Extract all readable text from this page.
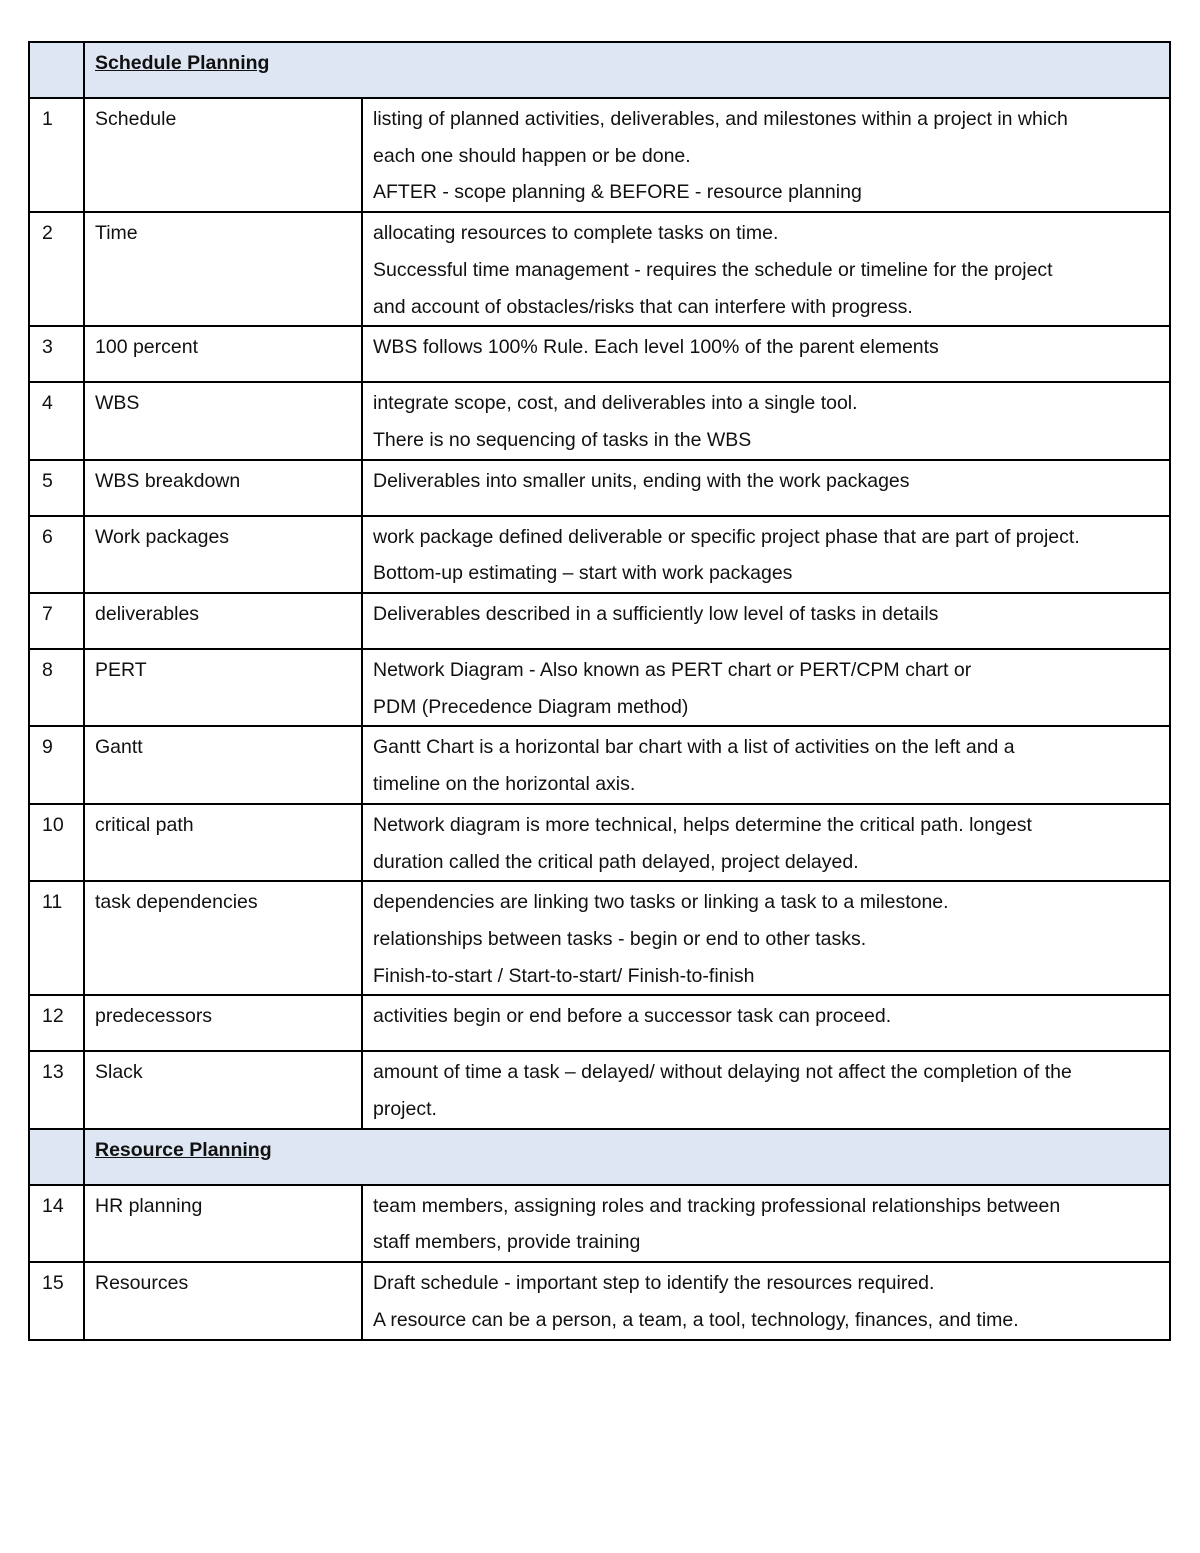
	Schedule Planning	
1	Schedule	listing of planned activities, deliverables, and milestones within a project in which
each one should happen or be done.
AFTER - scope planning & BEFORE - resource planning

2	Time	allocating resources to complete tasks on time.
Successful time management - requires the schedule or timeline for the project
and account of obstacles/risks that can interfere with progress.

3	100 percent	WBS follows 100% Rule. Each level 100% of the parent elements

4	WBS	integrate scope, cost, and deliverables into a single tool.
There is no sequencing of tasks in the WBS

5	WBS breakdown	Deliverables into smaller units, ending with the work packages

6	Work packages	work package defined deliverable or specific project phase that are part of project.
Bottom-up estimating – start with work packages

7	deliverables	Deliverables described in a sufficiently low level of tasks in details

8	PERT	Network Diagram - Also known as PERT chart or PERT/CPM chart or
PDM (Precedence Diagram method)

9	Gantt	Gantt Chart is a horizontal bar chart with a list of activities on the left and a
timeline on the horizontal axis.

10	critical path	Network diagram is more technical, helps determine the critical path. longest
duration called the critical path delayed, project delayed.

11	task dependencies	dependencies are linking two tasks or linking a task to a milestone.
relationships between tasks - begin or end to other tasks.
Finish-to-start / Start-to-start/ Finish-to-finish

12	predecessors	activities begin or end before a successor task can proceed.

13	Slack	amount of time a task – delayed/ without delaying not affect the completion of the
project.

	Resource Planning	
14	HR planning	team members, assigning roles and tracking professional relationships between
staff members, provide training

15	Resources	Draft schedule - important step to identify the resources required.
A resource can be a person, a team, a tool, technology, finances, and time.
